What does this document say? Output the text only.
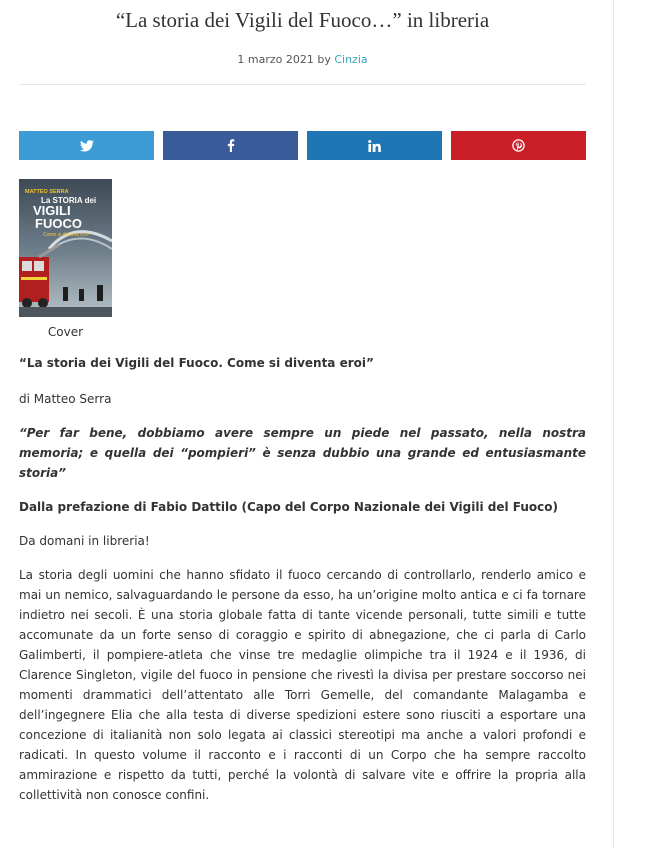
“La storia dei Vigili del Fuoco…” in libreria
1 marzo 2021 by Cinzia
MATTEO SERRA
La STORIA dei
VIGILI
FUOCO
Come si diventa eroi
Cover

“La storia dei Vigili del Fuoco. Come si diventa eroi”

di Matteo Serra

“Per far bene, dobbiamo avere sempre un piede nel passato, nella nostra memoria; e quella dei “pompieri” è senza dubbio una grande ed entusiasmante storia”

Dalla prefazione di Fabio Dattilo (Capo del Corpo Nazionale dei Vigili del Fuoco)

Da domani in libreria!

La storia degli uomini che hanno sfidato il fuoco cercando di controllarlo, renderlo amico e mai un nemico, salvaguardando le persone da esso, ha un’origine molto antica e ci fa tornare indietro nei secoli. È una storia globale fatta di tante vicende personali, tutte simili e tutte accomunate da un forte senso di coraggio e spirito di abnegazione, che ci parla di Carlo Galimberti, il pompiere-atleta che vinse tre medaglie olimpiche tra il 1924 e il 1936, di Clarence Singleton, vigile del fuoco in pensione che rivestì la divisa per prestare soccorso nei momenti drammatici dell’attentato alle Torri Gemelle, del comandante Malagamba e dell’ingegnere Elia che alla testa di diverse spedizioni estere sono riusciti a esportare una concezione di italianità non solo legata ai classici stereotipi ma anche a valori profondi e radicati. In questo volume il racconto e i racconti di un Corpo che ha sempre raccolto ammirazione e rispetto da tutti, perché la volontà di salvare vite e offrire la propria alla collettività non conosce confini.
